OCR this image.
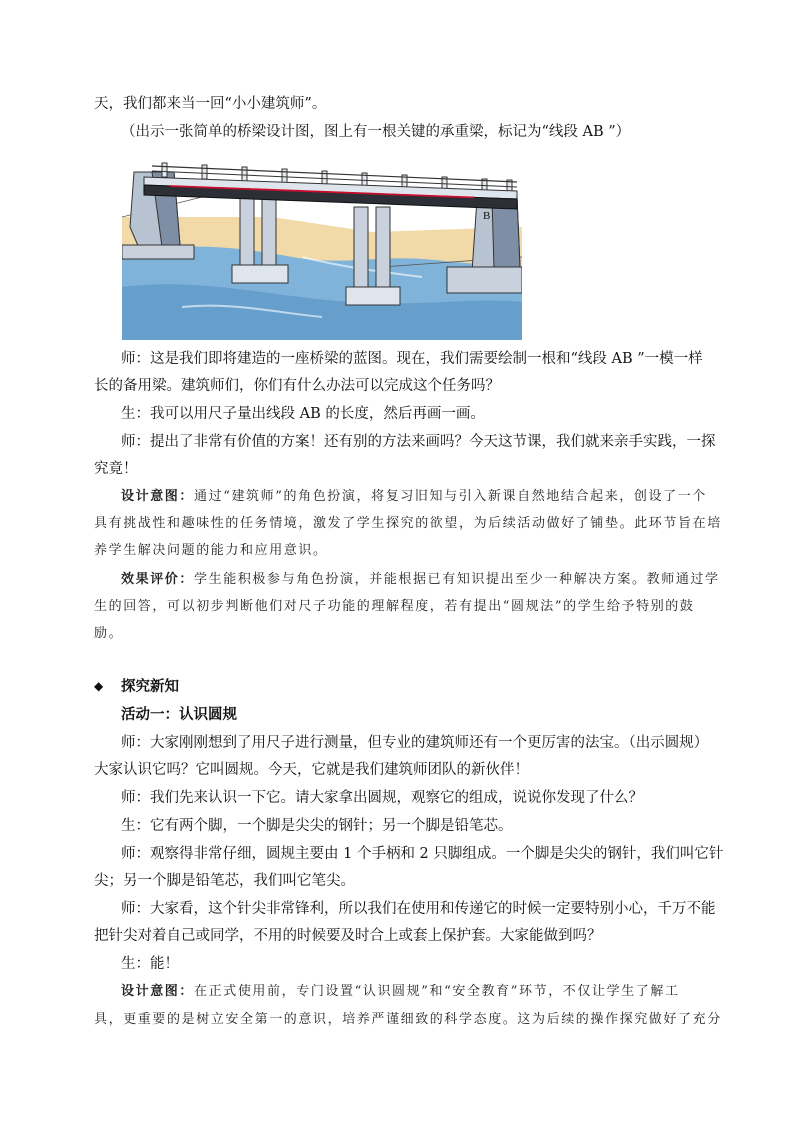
天，我们都来当一回“小小建筑师”。
（出示一张简单的桥梁设计图，图上有一根关键的承重梁，标记为“线段 AB ”）
B
师：这是我们即将建造的一座桥梁的蓝图。现在，我们需要绘制一根和“线段 AB ”一模一样
长的备用梁。建筑师们，你们有什么办法可以完成这个任务吗？
生：我可以用尺子量出线段 AB 的长度，然后再画一画。
师：提出了非常有价值的方案！还有别的方法来画吗？今天这节课，我们就来亲手实践，一探
究竟！
设计意图：通过“建筑师”的角色扮演，将复习旧知与引入新课自然地结合起来，创设了一个
具有挑战性和趣味性的任务情境，激发了学生探究的欲望，为后续活动做好了铺垫。此环节旨在培
养学生解决问题的能力和应用意识。
效果评价：学生能积极参与角色扮演，并能根据已有知识提出至少一种解决方案。教师通过学
生的回答，可以初步判断他们对尺子功能的理解程度，若有提出“圆规法”的学生给予特别的鼓
励。
◆ 探究新知
活动一：认识圆规
师：大家刚刚想到了用尺子进行测量，但专业的建筑师还有一个更厉害的法宝。（出示圆规）
大家认识它吗？它叫圆规。今天，它就是我们建筑师团队的新伙伴！
师：我们先来认识一下它。请大家拿出圆规，观察它的组成，说说你发现了什么？
生：它有两个脚，一个脚是尖尖的钢针；另一个脚是铅笔芯。
师：观察得非常仔细，圆规主要由 1 个手柄和 2 只脚组成。一个脚是尖尖的钢针，我们叫它针
尖；另一个脚是铅笔芯，我们叫它笔尖。
师：大家看，这个针尖非常锋利，所以我们在使用和传递它的时候一定要特别小心，千万不能
把针尖对着自己或同学，不用的时候要及时合上或套上保护套。大家能做到吗？
生：能！
设计意图：在正式使用前，专门设置“认识圆规”和“安全教育”环节，不仅让学生了解工
具，更重要的是树立安全第一的意识，培养严谨细致的科学态度。这为后续的操作探究做好了充分
